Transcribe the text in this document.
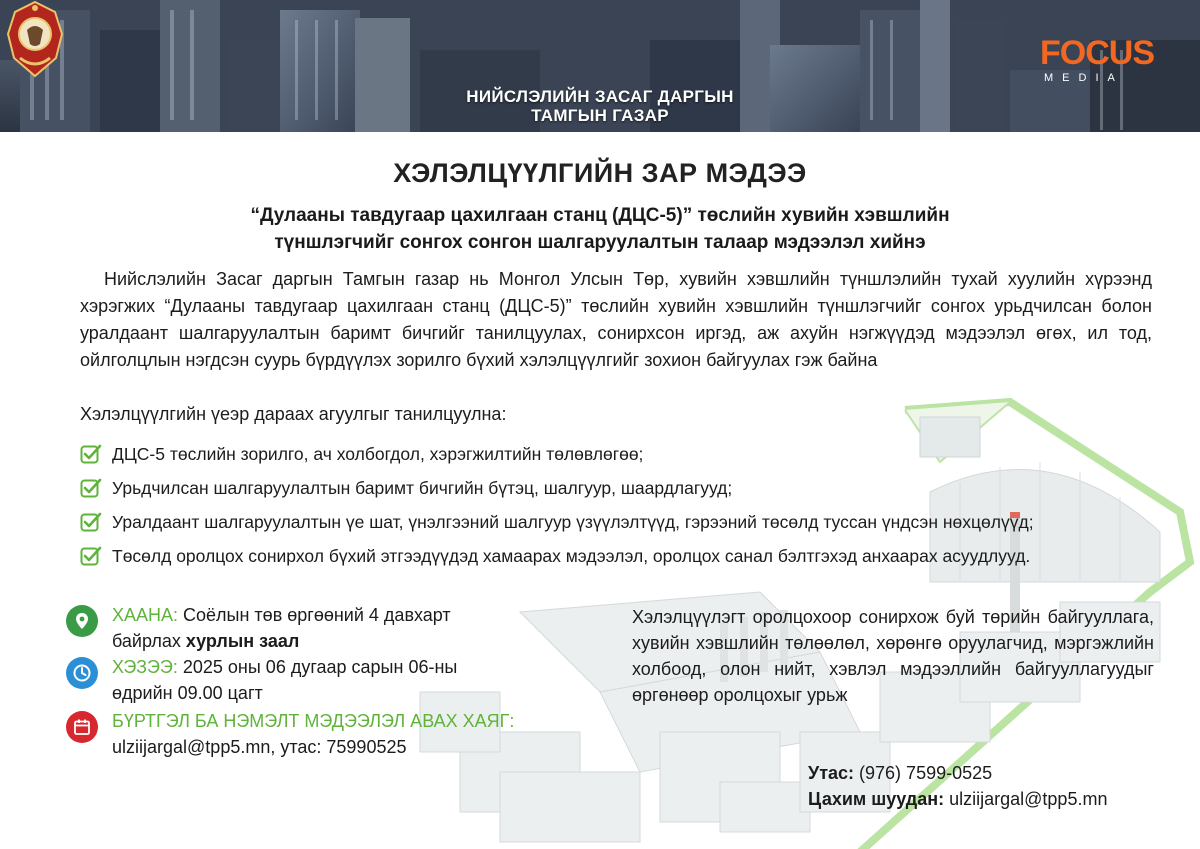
НИЙСЛЭЛИЙН ЗАСАГ ДАРГЫН
ТАМГЫН ГАЗАР
FOCUS
MEDIA
ХЭЛЭЛЦҮҮЛГИЙН ЗАР МЭДЭЭ
“Дулааны тавдугаар цахилгаан станц (ДЦС-5)” төслийн хувийн хэвшлийн
түншлэгчийг сонгох сонгон шалгаруулалтын талаар мэдээлэл хийнэ

Нийслэлийн Засаг даргын Тамгын газар нь Монгол Улсын Төр, хувийн хэвшлийн түншлэлийн тухай хуулийн хүрээнд хэрэгжих “Дулааны тавдугаар цахилгаан станц (ДЦС-5)” төслийн хувийн хэвшлийн түншлэгчийг сонгох урьдчилсан болон уралдаант шалгаруулалтын баримт бичгийг танилцуулах, сонирхсон иргэд, аж ахуйн нэгжүүдэд мэдээлэл өгөх, ил тод, ойлголцлын нэгдсэн суурь бүрдүүлэх зорилго бүхий хэлэлцүүлгийг зохион байгуулах гэж байна

Хэлэлцүүлгийн үеэр дараах агуулгыг танилцуулна:
ДЦС-5 төслийн зорилго, ач холбогдол, хэрэгжилтийн төлөвлөгөө;
Урьдчилсан шалгаруулалтын баримт бичгийн бүтэц, шалгуур, шаардлагууд;
Уралдаант шалгаруулалтын үе шат, үнэлгээний шалгуур үзүүлэлтүүд, гэрээний төсөлд туссан үндсэн нөхцөлүүд;
Төсөлд оролцох сонирхол бүхий этгээдүүдэд хамаарах мэдээлэл, оролцох санал бэлтгэхэд анхаарах асуудлууд.
ХААНА: Соёлын төв өргөөний 4 давхарт
байрлах хурлын заал
ХЭЗЭЭ: 2025 оны 06 дугаар сарын 06-ны
өдрийн 09.00 цагт
БҮРТГЭЛ БА НЭМЭЛТ МЭДЭЭЛЭЛ АВАХ ХАЯГ:
ulziijargal@tpp5.mn, утас: 75990525

Хэлэлцүүлэгт оролцохоор сонирхож буй төрийн байгууллага, хувийн хэвшлийн төлөөлөл, хөрөнгө оруулагчид, мэргэжлийн холбоод, олон нийт, хэвлэл мэдээллийн байгууллагуудыг өргөнөөр оролцохыг урьж

Утас: (976) 7599-0525
Цахим шуудан: ulziijargal@tpp5.mn
